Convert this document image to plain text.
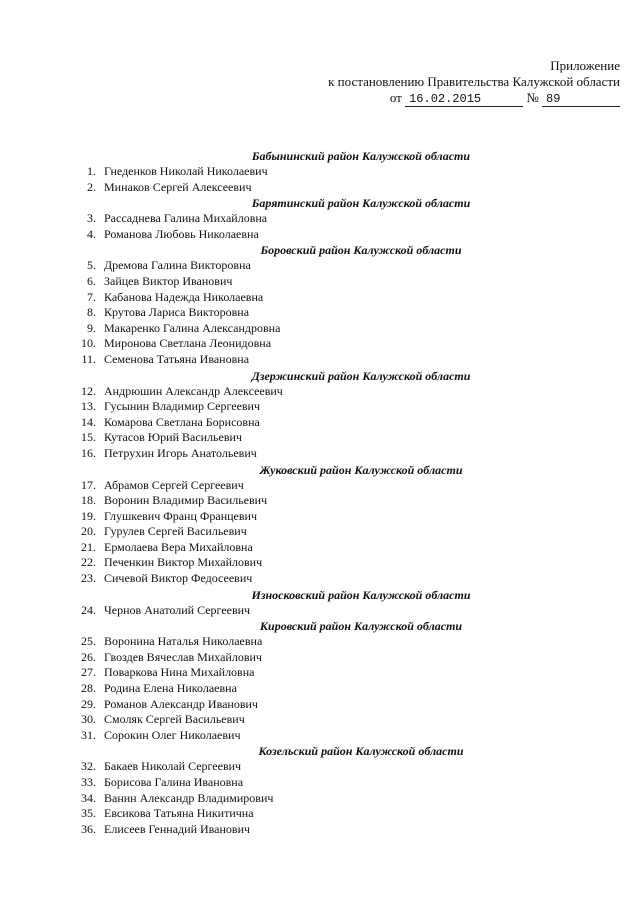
Приложение
к постановлению Правительства Калужской области
от 16.02.2015	№ 89
Бабынинский район Калужской области
1. Гнеденков Николай Николаевич
2. Минаков Сергей Алексеевич
Барятинский район Калужской области
3. Рассаднева Галина Михайловна
4. Романова Любовь Николаевна
Боровский район Калужской области
5. Дремова Галина Викторовна
6. Зайцев Виктор Иванович
7. Кабанова Надежда Николаевна
8. Крутова Лариса Викторовна
9. Макаренко Галина Александровна
10. Миронова Светлана Леонидовна
11. Семенова Татьяна Ивановна
Дзержинский район Калужской области
12. Андрюшин Александр Алексеевич
13. Гусынин Владимир Сергеевич
14. Комарова Светлана Борисовна
15. Кутасов Юрий Васильевич
16. Петрухин Игорь Анатольевич
Жуковский район Калужской области
17. Абрамов Сергей Сергеевич
18. Воронин Владимир Васильевич
19. Глушкевич Франц Францевич
20. Гурулев Сергей Васильевич
21. Ермолаева Вера Михайловна
22. Печенкин Виктор Михайлович
23. Сичевой Виктор Федосеевич
Износковский район Калужской области
24. Чернов Анатолий Сергеевич
Кировский район Калужской области
25. Воронина Наталья Николаевна
26. Гвоздев Вячеслав Михайлович
27. Поваркова Нина Михайловна
28. Родина Елена Николаевна
29. Романов Александр Иванович
30. Смоляк Сергей Васильевич
31. Сорокин Олег Николаевич
Козельский район Калужской области
32. Бакаев Николай Сергеевич
33. Борисова Галина Ивановна
34. Ванин Александр Владимирович
35. Евсикова Татьяна Никитична
36. Елисеев Геннадий Иванович
